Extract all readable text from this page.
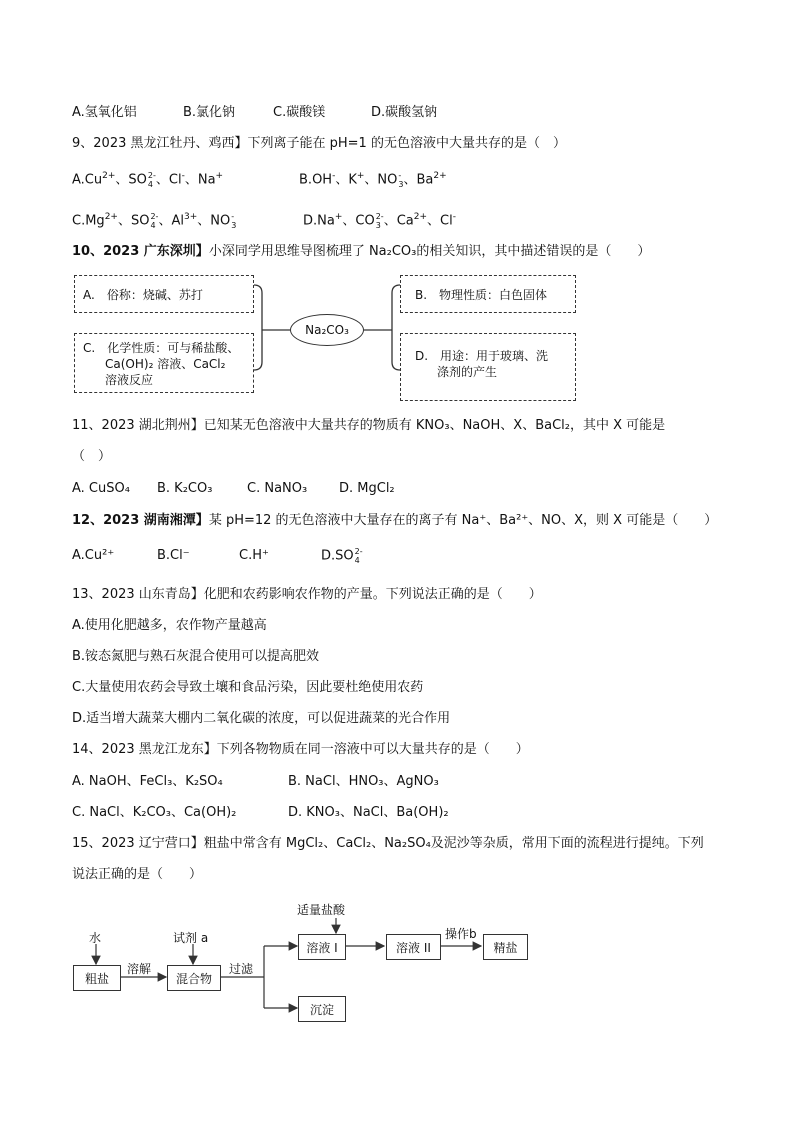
A.氢氧化铝	B.氯化钠	C.碳酸镁	D.碳酸氢钠
9、2023 黑龙江牡丹、鸡西】下列离子能在 pH=1 的无色溶液中大量共存的是（　）
$A.Cu^{2+}$、SO 2-
4 、Cl-、Na+	B.OH-、K+、NO -
3 、$Ba^{2+}$
$C.Mg^{2+}$、SO 2-
4 、$Al^{3+}$、NO -
3	D.Na+、CO 2-
3 、$Ca^{2+}$、Cl-
10、2023 广东深圳】小深同学用思维导图梳理了 Na₂CO₃的相关知识，其中描述错误的是（　　）
A.　俗称：烧碱、苏打
C.　化学性质：可与稀盐酸、
Ca(OH)₂ 溶液、CaCl₂
溶液反应
B.　物理性质：白色固体
D.　用途：用于玻璃、洗
涤剂的产生
Na₂CO₃
11、2023 湖北荆州】已知某无色溶液中大量共存的物质有 KNO₃、NaOH、X、BaCl₂，其中 X 可能是
（　）
A. CuSO₄ B. K₂CO₃	C. NaNO₃ D. MgCl₂
12、2023 湖南湘潭】某 pH=12 的无色溶液中大量存在的离子有 Na⁺、Ba²⁺、NO、X，则 X 可能是（　　）
A.Cu²⁺	B.Cl⁻	C.H⁺	D.SO 2-
4
13、2023 山东青岛】化肥和农药影响农作物的产量。下列说法正确的是（　　）
A.使用化肥越多，农作物产量越高
B.铵态氮肥与熟石灰混合使用可以提高肥效
C.大量使用农药会导致土壤和食品污染，因此要杜绝使用农药
D.适当增大蔬菜大棚内二氧化碳的浓度，可以促进蔬菜的光合作用
14、2023 黑龙江龙东】下列各物物质在同一溶液中可以大量共存的是（　　）
A. NaOH、FeCl₃、K₂SO₄	B. NaCl、HNO₃、AgNO₃
C. NaCl、K₂CO₃、Ca(OH)₂	D. KNO₃、NaCl、Ba(OH)₂
15、2023 辽宁营口】粗盐中常含有 MgCl₂、CaCl₂、Na₂SO₄及泥沙等杂质，常用下面的流程进行提纯。下列
说法正确的是（　　）
水
粗盐
溶解
试剂 a
混合物
过滤
适量盐酸
溶液 I	溶液 II
操作b
精盐
沉淀
